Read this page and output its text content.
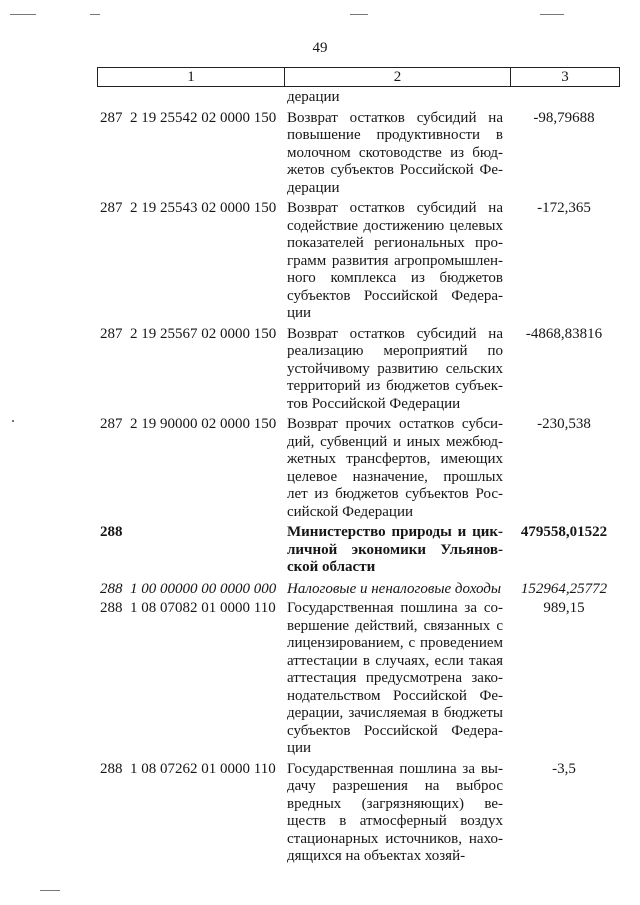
49
1	2	3
дерации
287  2 19 25542 02 0000 150 Возврат остатков субсидий на
повышение продуктивности в
молочном скотоводстве из бюд-
жетов субъектов Российской Фе-
дерации
-98,79688
287  2 19 25543 02 0000 150 Возврат остатков субсидий на
содействие достижению целевых
показателей региональных про-
грамм развития агропромышлен-
ного комплекса из бюджетов
субъектов Российской Федера-
ции
-172,365
287  2 19 25567 02 0000 150 Возврат остатков субсидий на
реализацию мероприятий по
устойчивому развитию сельских
территорий из бюджетов субъек-
тов Российской Федерации
-4868,83816
287  2 19 90000 02 0000 150 Возврат прочих остатков субси-
дий, субвенций и иных межбюд-
жетных трансфертов, имеющих
целевое назначение, прошлых
лет из бюджетов субъектов Рос-
сийской Федерации
-230,538
288	Министерство природы и цик-
личной экономики Ульянов-
ской области
479558,01522
288  1 00 00000 00 0000 000 Налоговые и неналоговые доходы	152964,25772
288  1 08 07082 01 0000 110 Государственная пошлина за со-
вершение действий, связанных с
лицензированием, с проведением
аттестации в случаях, если такая
аттестация предусмотрена зако-
нодательством Российской Фе-
дерации, зачисляемая в бюджеты
субъектов Российской Федера-
ции
989,15
288  1 08 07262 01 0000 110 Государственная пошлина за вы-
дачу разрешения на выброс
вредных (загрязняющих) ве-
ществ в атмосферный воздух
стационарных источников, нахо-
дящихся на объектах хозяй-
-3,5
